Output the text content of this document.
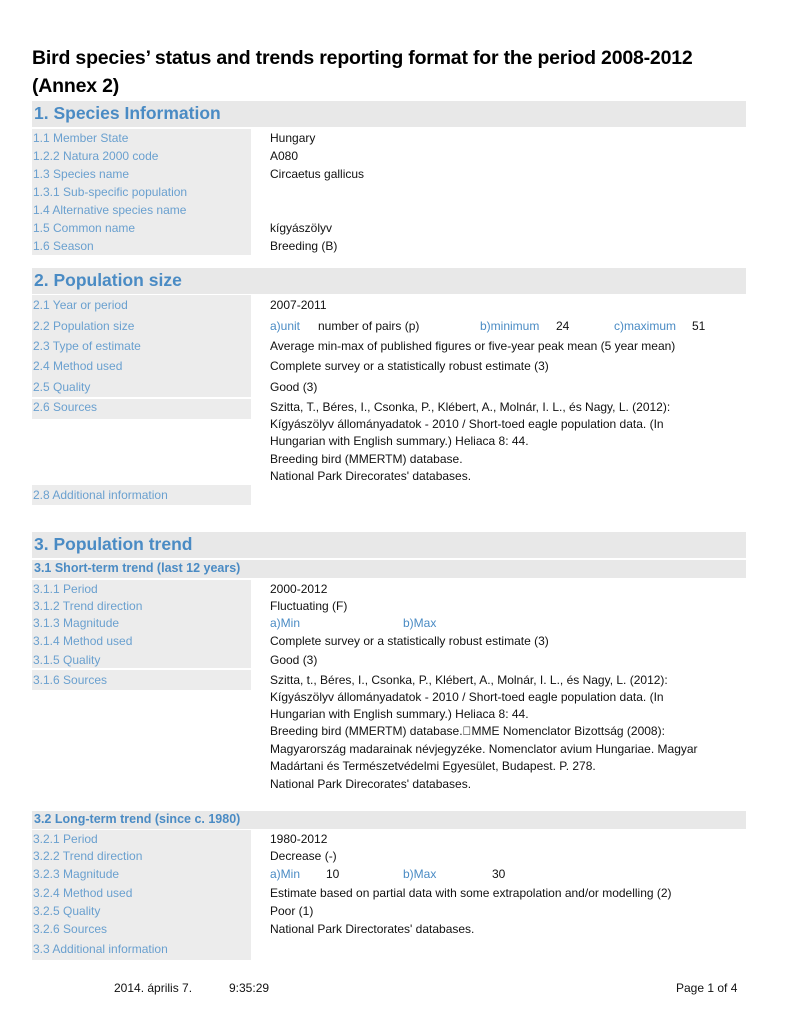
Bird species’ status and trends reporting format for the period 2008-2012 (Annex 2)
1. Species Information
1.1 Member State	Hungary
1.2.2 Natura 2000 code	A080
1.3 Species name	Circaetus gallicus
1.3.1 Sub-specific population
1.4 Alternative species name
1.5 Common name	kígyászölyv
1.6 Season	Breeding (B)
2. Population size
2.1 Year or period	2007-2011
2.2 Population size	a)unit number of pairs (p)	b)minimum 24	c)maximum 51
2.3 Type of estimate	Average min-max of published figures or five-year peak mean (5 year mean)
2.4 Method used	Complete survey or a statistically robust estimate (3)
2.5 Quality	Good (3)
2.6 Sources	Szitta, T., Béres, I., Csonka, P., Klébert, A., Molnár, I. L., és Nagy, L. (2012):
Kígyászölyv állományadatok - 2010 / Short-toed eagle population data. (In
Hungarian with English summary.) Heliaca 8: 44.
Breeding bird (MMERTM) database.
National Park Direcorates' databases.
2.8 Additional information
3. Population trend
3.1 Short-term trend (last 12 years)
3.1.1 Period	2000-2012
3.1.2 Trend direction	Fluctuating (F)
3.1.3 Magnitude	a)Min	b)Max
3.1.4 Method used	Complete survey or a statistically robust estimate (3)
3.1.5 Quality	Good (3)
3.1.6 Sources	Szitta, t., Béres, I., Csonka, P., Klébert, A., Molnár, I. L., és Nagy, L. (2012):
Kígyászölyv állományadatok - 2010 / Short-toed eagle population data. (In
Hungarian with English summary.) Heliaca 8: 44.
Breeding bird (MMERTM) database. MME Nomenclator Bizottság (2008):
Magyarország madarainak névjegyzéke. Nomenclator avium Hungariae. Magyar
Madártani és Természetvédelmi Egyesület, Budapest. P. 278.
National Park Direcorates' databases.
3.2 Long-term trend (since c. 1980)
3.2.1 Period	1980-2012
3.2.2 Trend direction	Decrease (-)
3.2.3 Magnitude	a)Min 10	b)Max	30
3.2.4 Method used	Estimate based on partial data with some extrapolation and/or modelling (2)
3.2.5 Quality	Poor (1)
3.2.6 Sources	National Park Directorates' databases.
3.3 Additional information
2014. április 7.	9:35:29	Page 1 of 4
